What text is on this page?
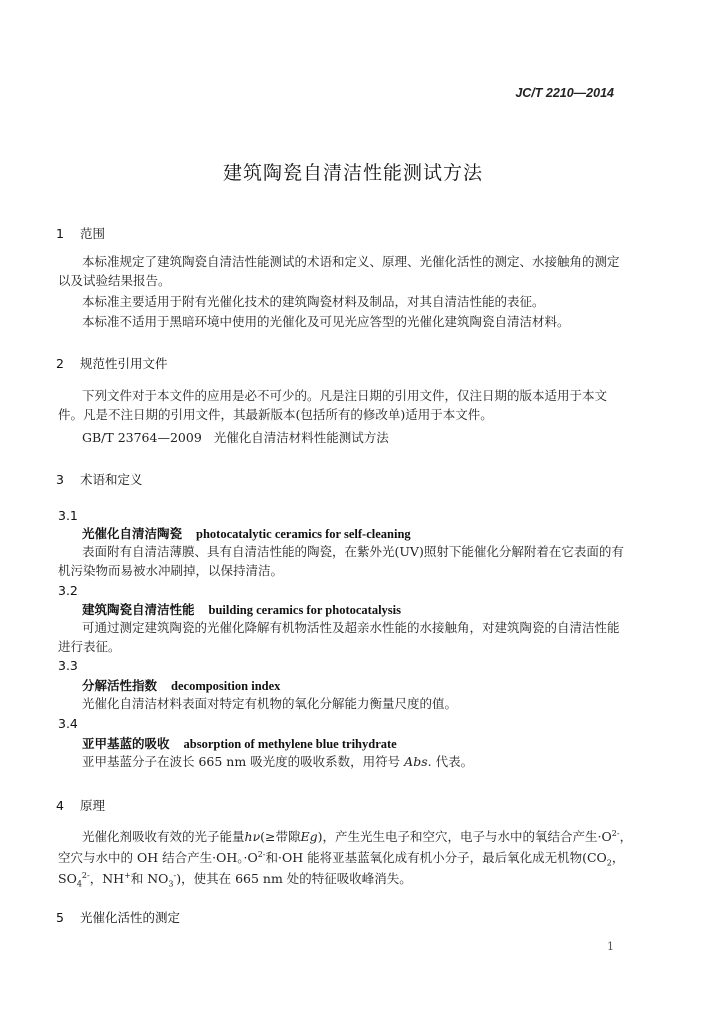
JC/T 2210—2014
建筑陶瓷自清洁性能测试方法
1 范围
本标准规定了建筑陶瓷自清洁性能测试的术语和定义、原理、光催化活性的测定、水接触角的测定以及试验结果报告。
本标准主要适用于附有光催化技术的建筑陶瓷材料及制品，对其自清洁性能的表征。
本标准不适用于黑暗环境中使用的光催化及可见光应答型的光催化建筑陶瓷自清洁材料。
2 规范性引用文件
下列文件对于本文件的应用是必不可少的。凡是注日期的引用文件，仅注日期的版本适用于本文件。凡是不注日期的引用文件，其最新版本(包括所有的修改单)适用于本文件。
GB/T 23764—2009 光催化自清洁材料性能测试方法
3 术语和定义
3.1
光催化自清洁陶瓷 photocatalytic ceramics for self-cleaning
表面附有自清洁薄膜、具有自清洁性能的陶瓷，在紫外光(UV)照射下能催化分解附着在它表面的有机污染物而易被水冲刷掉，以保持清洁。
3.2
建筑陶瓷自清洁性能 building ceramics for photocatalysis
可通过测定建筑陶瓷的光催化降解有机物活性及超亲水性能的水接触角，对建筑陶瓷的自清洁性能进行表征。
3.3
分解活性指数 decomposition index
光催化自清洁材料表面对特定有机物的氧化分解能力衡量尺度的值。
3.4
亚甲基蓝的吸收 absorption of methylene blue trihydrate
亚甲基蓝分子在波长 665 nm 吸光度的吸收系数，用符号 Abs. 代表。
4 原理
光催化剂吸收有效的光子能量hν(≥带隙Eg)，产生光生电子和空穴，电子与水中的氧结合产生$\cdot O^{2-}$，
空穴与水中的 OH 结合产生·OH。$\cdot O^{2-}$和·OH 能将亚基蓝氧化成有机小分子，最后氧化成无机物($CO_2$，
$SO_4^{2-}$，NH+和 $NO_3^-$)，使其在 665 nm 处的特征吸收峰消失。
5 光催化活性的测定
1
